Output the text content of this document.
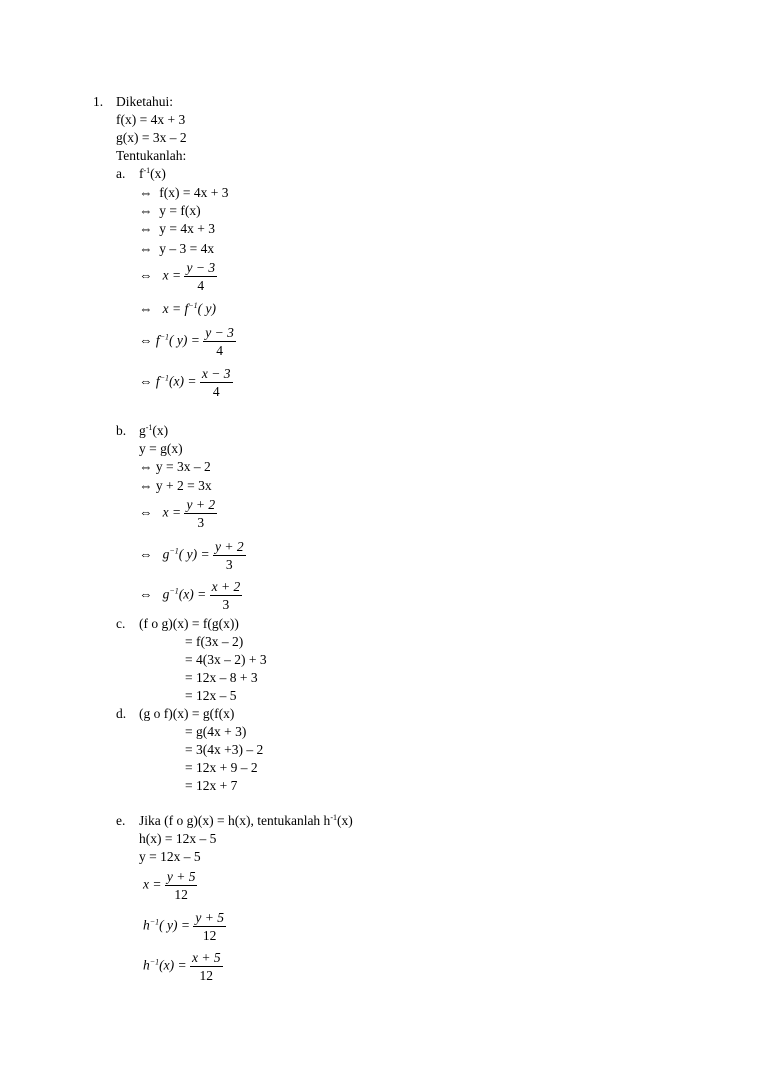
1. Diketahui:
f(x) = 4x + 3
g(x) = 3x – 2
Tentukanlah:
a. $f^{-1}(x)$
⇔ f(x) = 4x + 3
⇔ y = f(x)
⇔ y = 4x + 3
⇔ y – 3 = 4x
⇔ $x = \frac{y - 3}{4}$
⇔ $x = f^{-1}$( y)
⇔ $f^{-1}$( $y) = \frac{y - 3}{4}$
⇔ $f^{-1}(x) = \frac{x - 3}{4}$
b. $g^{-1}(x)$
y = g(x)
⇔ y = 3x – 2
⇔ y + 2 = 3x
⇔ $x = \frac{y + 2}{3}$
⇔ $g^{-1}$( $y) = \frac{y + 2}{3}$
⇔ $g^{-1}(x) = \frac{x + 2}{3}$
c. (f o g)(x) = f(g(x))
= f(3x – 2)
= 4(3x – 2) + 3
= 12x – 8 + 3
= 12x – 5
d. (g o f)(x) = g(f(x)
= g(4x + 3)
= 3(4x +3) – 2
= 12x + 9 – 2
= 12x + 7
e. Jika (f o g)(x) = h(x), tentukanlah $h^{-1}(x)$
h(x) = 12x – 5
y = 12x – 5
$x = \frac{y + 5}{12}$
$h^{-1}$( $y) = \frac{y + 5}{12}$
$h^{-1}(x) = \frac{x + 5}{12}$
